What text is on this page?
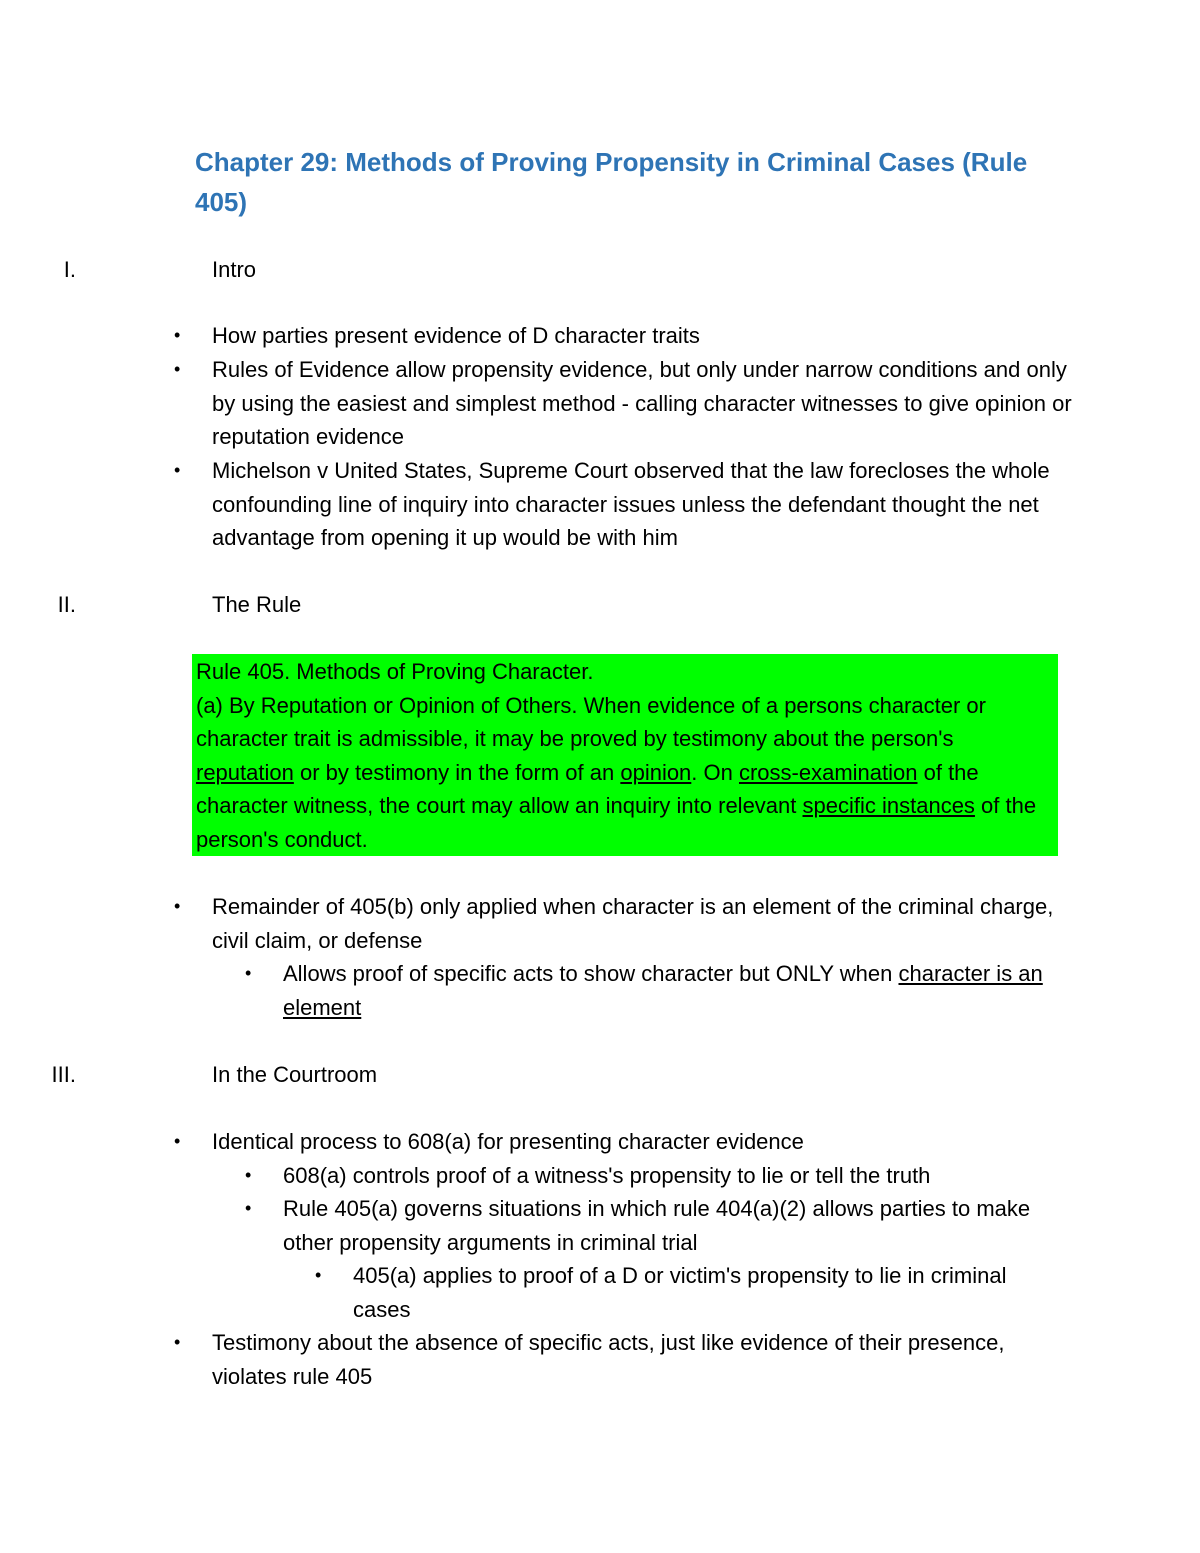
Chapter 29: Methods of Proving Propensity in Criminal Cases (Rule 405)
I.	Intro
• How parties present evidence of D character traits
• Rules of Evidence allow propensity evidence, but only under narrow conditions and only by using the easiest and simplest method - calling character witnesses to give opinion or reputation evidence
• Michelson v United States, Supreme Court observed that the law forecloses the whole confounding line of inquiry into character issues unless the defendant thought the net advantage from opening it up would be with him
II.	The Rule

Rule 405. Methods of Proving Character.

(a) By Reputation or Opinion of Others. When evidence of a persons character or character trait is admissible, it may be proved by testimony about the person's reputation or by testimony in the form of an opinion. On cross-examination of the character witness, the court may allow an inquiry into relevant specific instances of the person's conduct.

• Remainder of 405(b) only applied when character is an element of the criminal charge, civil claim, or defense
• Allows proof of specific acts to show character but ONLY when character is an element
III.	In the Courtroom
• Identical process to 608(a) for presenting character evidence
• 608(a) controls proof of a witness's propensity to lie or tell the truth
• Rule 405(a) governs situations in which rule 404(a)(2) allows parties to make other propensity arguments in criminal trial
• 405(a) applies to proof of a D or victim's propensity to lie in criminal cases
• Testimony about the absence of specific acts, just like evidence of their presence, violates rule 405
